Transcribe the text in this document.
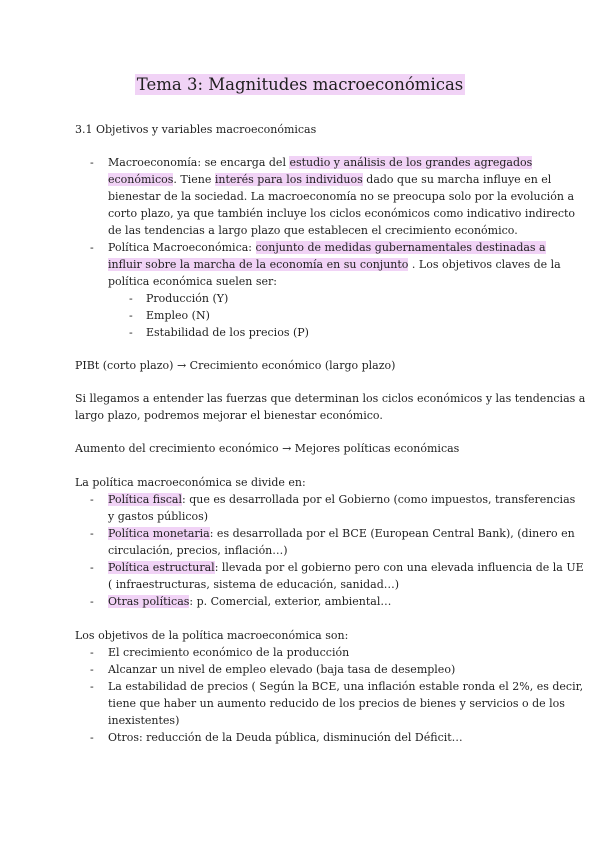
Tema 3: Magnitudes macroeconómicas
3.1 Objetivos y variables macroeconómicas
- Macroeconomía: se encarga del estudio y análisis de los grandes agregados
económicos. Tiene interés para los individuos dado que su marcha influye en el
bienestar de la sociedad. La macroeconomía no se preocupa solo por la evolución a
corto plazo, ya que también incluye los ciclos económicos como indicativo indirecto
de las tendencias a largo plazo que establecen el crecimiento económico.
- Política Macroeconómica: conjunto de medidas gubernamentales destinadas a
influir sobre la marcha de la economía en su conjunto . Los objetivos claves de la
política económica suelen ser:
- Producción (Y)
- Empleo (N)
- Estabilidad de los precios (P)
PIBt (corto plazo) → Crecimiento económico (largo plazo)
Si llegamos a entender las fuerzas que determinan los ciclos económicos y las tendencias a
largo plazo, podremos mejorar el bienestar económico.
Aumento del crecimiento económico → Mejores políticas económicas
La política macroeconómica se divide en:
- Política fiscal: que es desarrollada por el Gobierno (como impuestos, transferencias
y gastos públicos)
- Política monetaria: es desarrollada por el BCE (European Central Bank), (dinero en
circulación, precios, inflación…)
- Política estructural: llevada por el gobierno pero con una elevada influencia de la UE
( infraestructuras, sistema de educación, sanidad…)
- Otras políticas: p. Comercial, exterior, ambiental…
Los objetivos de la política macroeconómica son:
- El crecimiento económico de la producción
- Alcanzar un nivel de empleo elevado (baja tasa de desempleo)
- La estabilidad de precios ( Según la BCE, una inflación estable ronda el 2%, es decir,
tiene que haber un aumento reducido de los precios de bienes y servicios o de los
inexistentes)
- Otros: reducción de la Deuda pública, disminución del Déficit…
